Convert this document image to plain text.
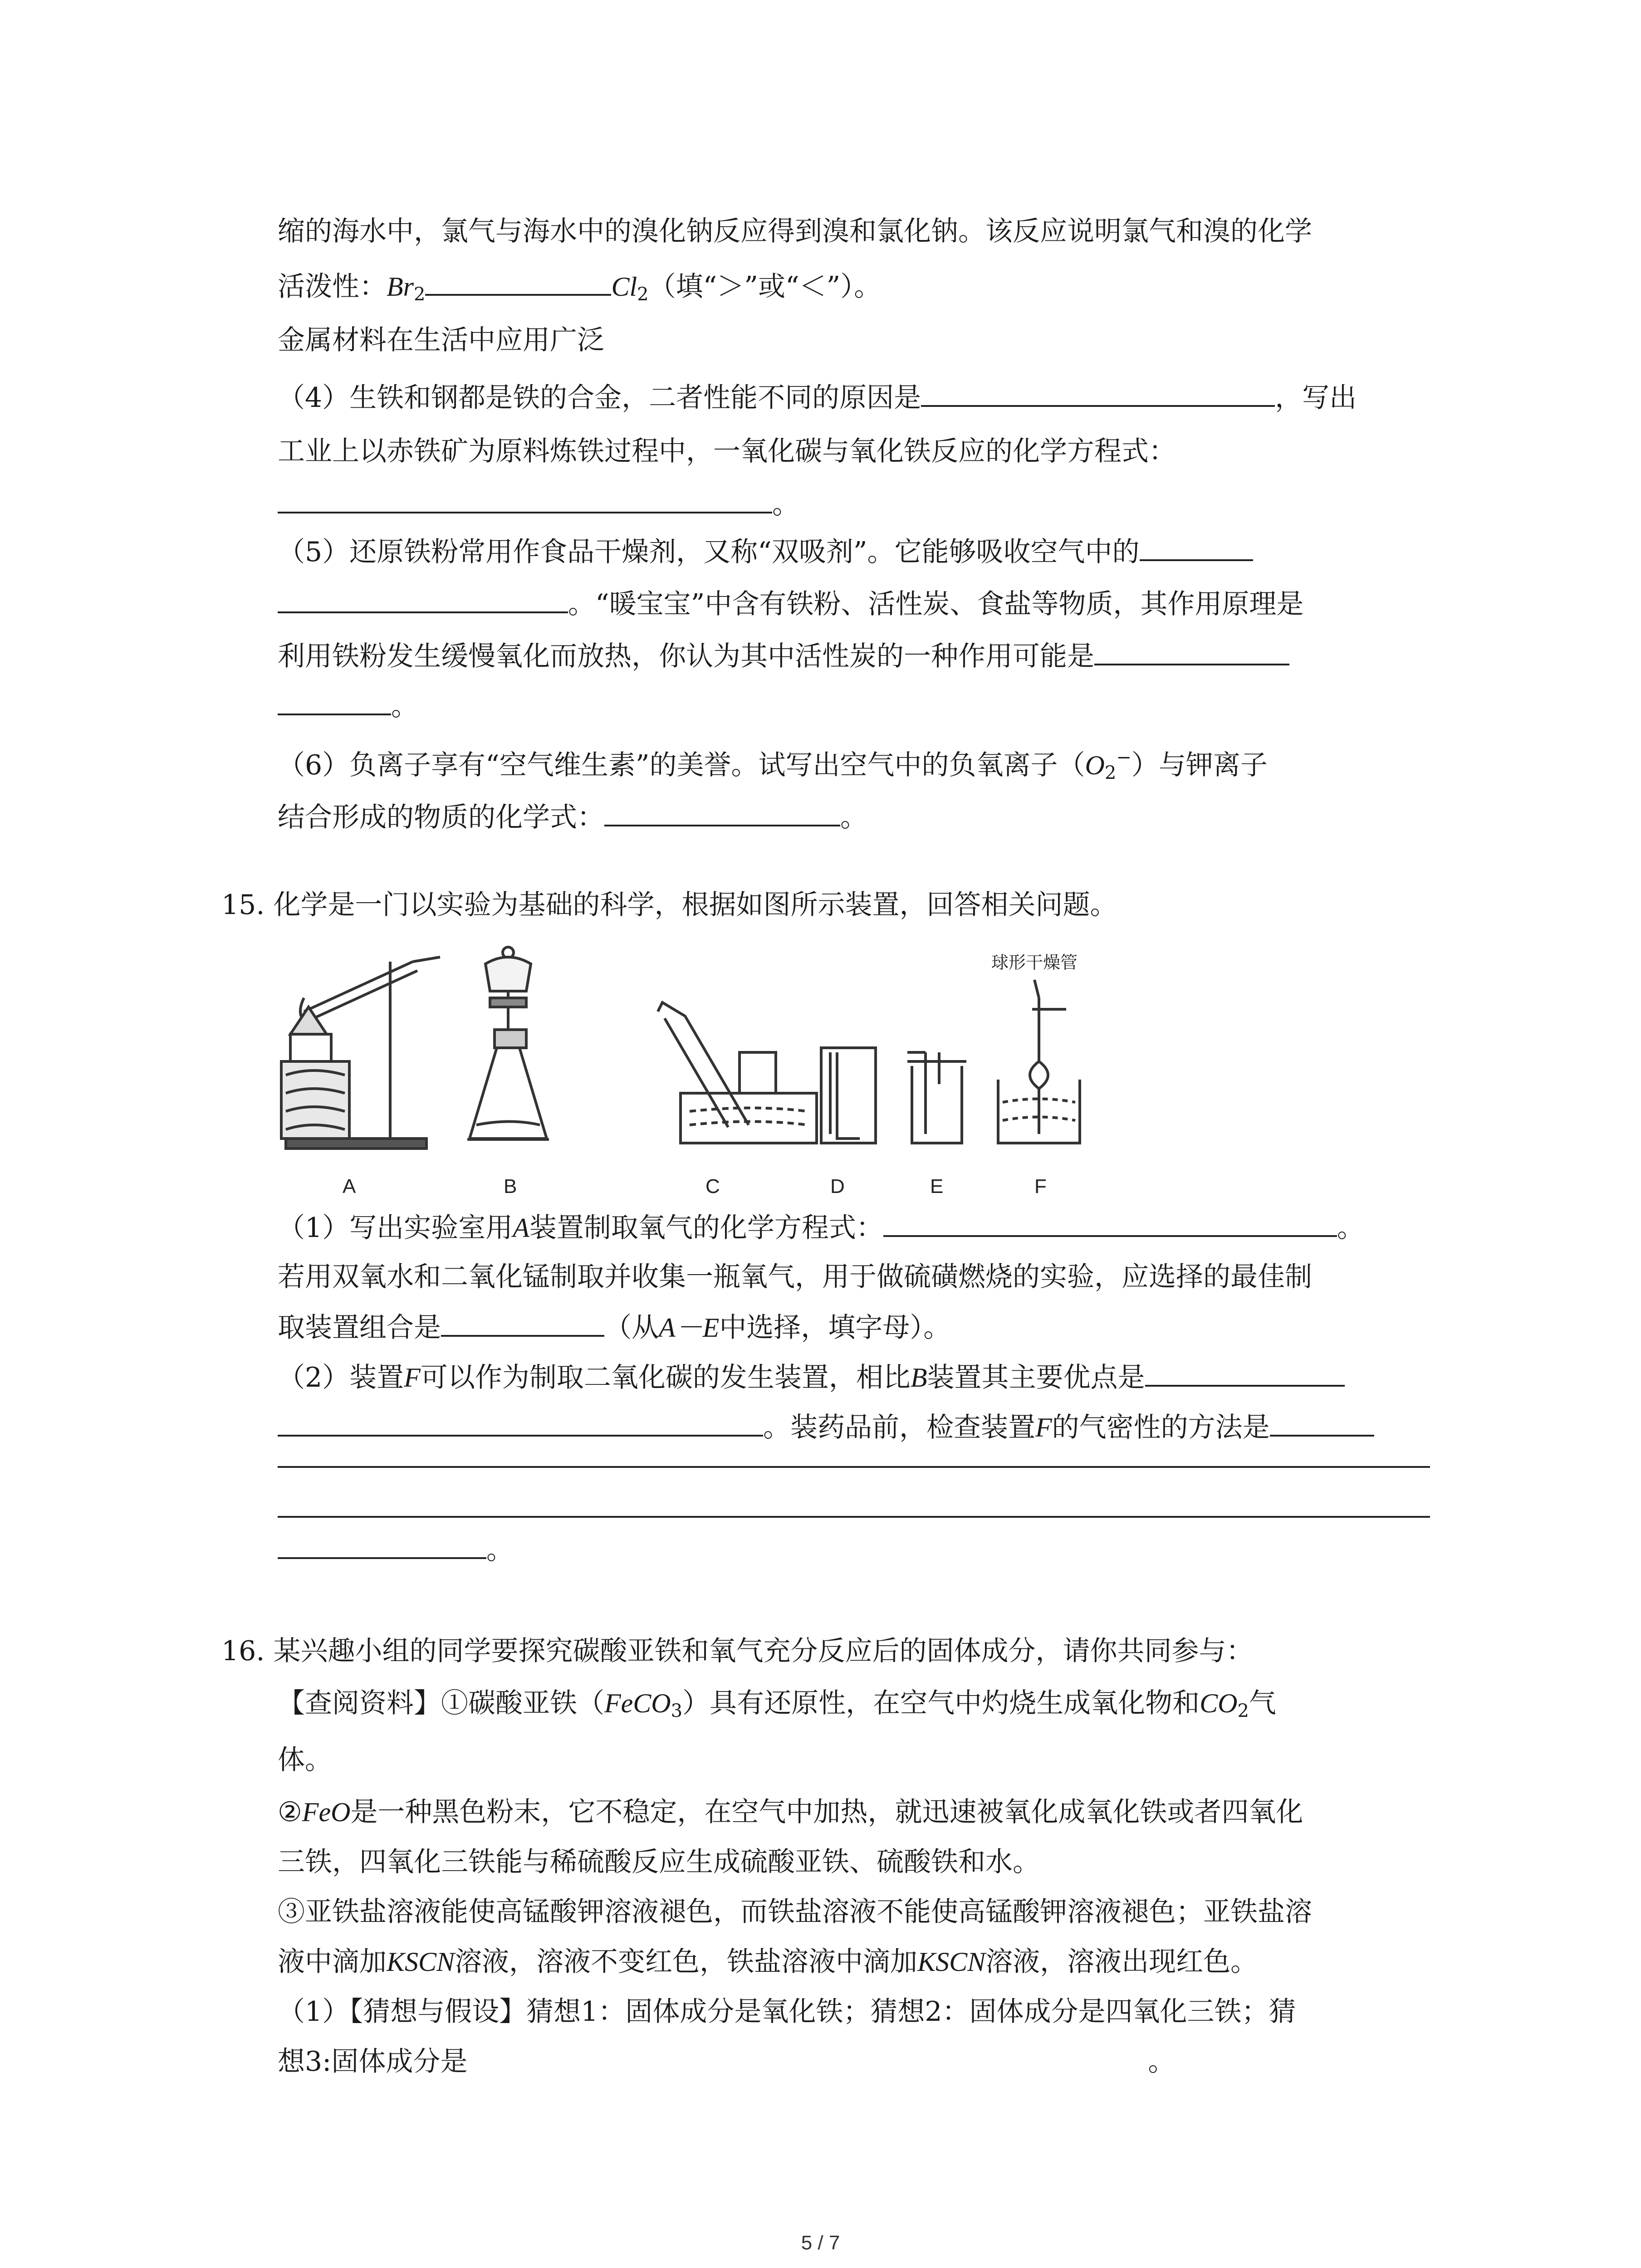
缩的海水中，氯气与海水中的溴化钠反应得到溴和氯化钠。该反应说明氯气和溴的化学
活泼性：$Br_2$	$Cl_2$（填“＞”或“＜”）。
金属材料在生活中应用广泛
（4）生铁和钢都是铁的合金，二者性能不同的原因是	，写出
工业上以赤铁矿为原料炼铁过程中，一氧化碳与氧化铁反应的化学方程式：
。
（5）还原铁粉常用作食品干燥剂，又称“双吸剂”。它能够吸收空气中的
。“暖宝宝”中含有铁粉、活性炭、食盐等物质，其作用原理是
利用铁粉发生缓慢氧化而放热，你认为其中活性炭的一种作用可能是
。
（6）负离子享有“空气维生素”的美誉。试写出空气中的负氧离子$(O_2^-)$与钾离子
结合形成的物质的化学式：	。
15. 化学是一门以实验为基础的科学，根据如图所示装置，回答相关问题。
球形干燥管
A	B	C	D	E	F
（1）写出实验室用A装置制取氧气的化学方程式：	。
若用双氧水和二氧化锰制取并收集一瓶氧气，用于做硫磺燃烧的实验，应选择的最佳制
取装置组合是	（从A－E中选择，填字母）。
（2）装置F可以作为制取二氧化碳的发生装置，相比B装置其主要优点是
。装药品前，检查装置F的气密性的方法是
。
16. 某兴趣小组的同学要探究碳酸亚铁和氧气充分反应后的固体成分，请你共同参与：
【查阅资料】①碳酸亚铁（FeCO$_3$）具有还原性，在空气中灼烧生成氧化物和$CO_2$气
体。
②FeO是一种黑色粉末，它不稳定，在空气中加热，就迅速被氧化成氧化铁或者四氧化
三铁，四氧化三铁能与稀硫酸反应生成硫酸亚铁、硫酸铁和水。
③亚铁盐溶液能使高锰酸钾溶液褪色，而铁盐溶液不能使高锰酸钾溶液褪色；亚铁盐溶
液中滴加KSCN溶液，溶液不变红色，铁盐溶液中滴加KSCN溶液，溶液出现红色。
（1）【猜想与假设】猜想1：固体成分是氧化铁；猜想2：固体成分是四氧化三铁；猜
想3:固体成分是	。
5 / 7
